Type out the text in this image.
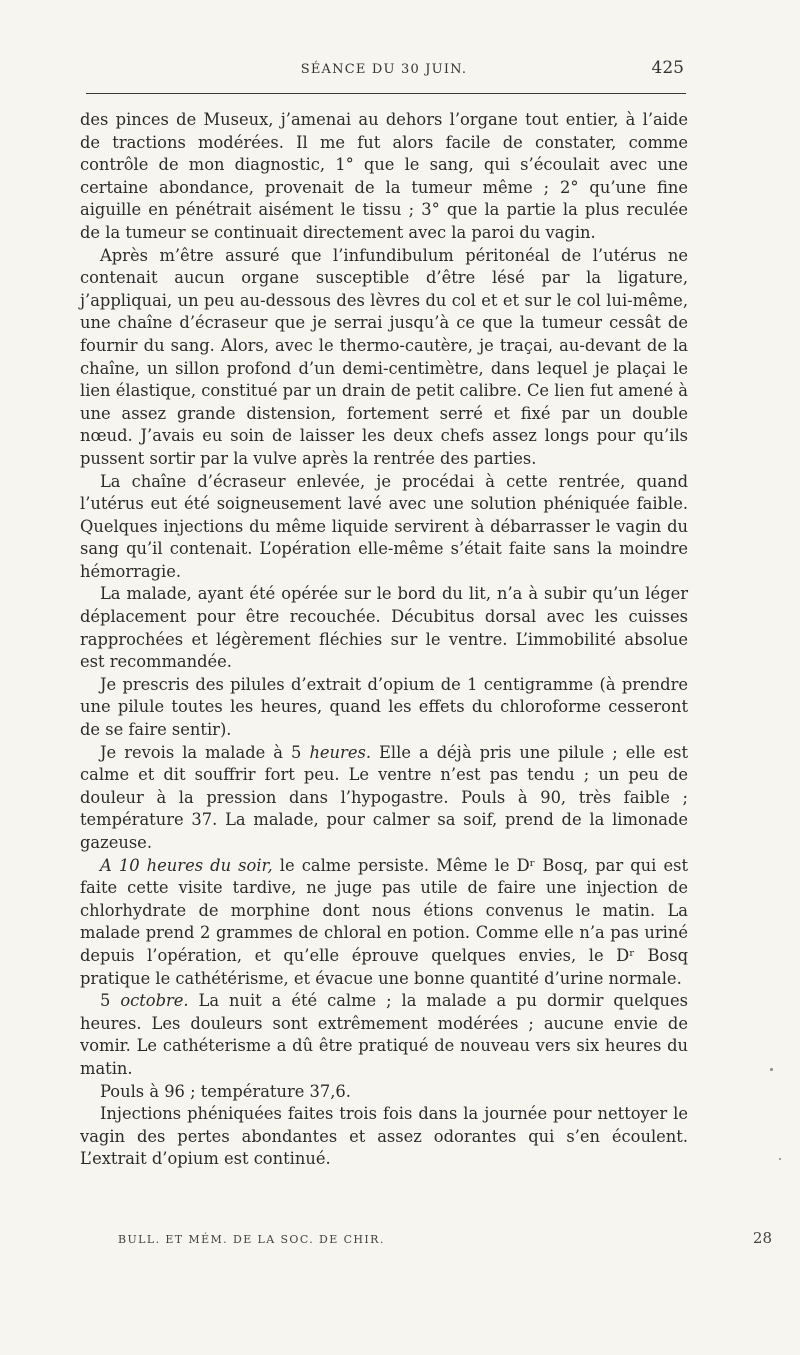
SÉANCE DU 30 JUIN.	425

des pinces de Museux, j’amenai au dehors l’organe tout entier, à l’aide de tractions modérées. Il me fut alors facile de constater, comme contrôle de mon diagnostic, 1° que le sang, qui s’écoulait avec une certaine abondance, provenait de la tumeur même ; 2° qu’une fine aiguille en pénétrait aisément le tissu ; 3° que la partie la plus reculée de la tumeur se continuait directement avec la paroi du vagin.

Après m’être assuré que l’infundibulum péritonéal de l’utérus ne contenait aucun organe susceptible d’être lésé par la ligature, j’appliquai, un peu au-dessous des lèvres du col et et sur le col lui-même, une chaîne d’écraseur que je serrai jusqu’à ce que la tumeur cessât de fournir du sang. Alors, avec le thermo-cautère, je traçai, au-devant de la chaîne, un sillon profond d’un demi-centimètre, dans lequel je plaçai le lien élastique, constitué par un drain de petit calibre. Ce lien fut amené à une assez grande distension, fortement serré et fixé par un double nœud. J’avais eu soin de laisser les deux chefs assez longs pour qu’ils pussent sortir par la vulve après la rentrée des parties.

La chaîne d’écraseur enlevée, je procédai à cette rentrée, quand l’utérus eut été soigneusement lavé avec une solution phéniquée faible. Quelques injections du même liquide servirent à débarrasser le vagin du sang qu’il contenait. L’opération elle-même s’était faite sans la moindre hémorragie.

La malade, ayant été opérée sur le bord du lit, n’a à subir qu’un léger déplacement pour être recouchée. Décubitus dorsal avec les cuisses rapprochées et légèrement fléchies sur le ventre. L’immobilité absolue est recommandée.

Je prescris des pilules d’extrait d’opium de 1 centigramme (à prendre une pilule toutes les heures, quand les effets du chloroforme cesseront de se faire sentir).

Je revois la malade à 5 heures. Elle a déjà pris une pilule ; elle est calme et dit souffrir fort peu. Le ventre n’est pas tendu ; un peu de douleur à la pression dans l’hypogastre. Pouls à 90, très faible ; température 37. La malade, pour calmer sa soif, prend de la limonade gazeuse.

A 10 heures du soir, le calme persiste. Même le Dʳ Bosq, par qui est faite cette visite tardive, ne juge pas utile de faire une injection de chlorhydrate de morphine dont nous étions convenus le matin. La malade prend 2 grammes de chloral en potion. Comme elle n’a pas uriné depuis l’opération, et qu’elle éprouve quelques envies, le Dʳ Bosq pratique le cathétérisme, et évacue une bonne quantité d’urine normale.

5 octobre. La nuit a été calme ; la malade a pu dormir quelques heures. Les douleurs sont extrêmement modérées ; aucune envie de vomir. Le cathéterisme a dû être pratiqué de nouveau vers six heures du matin.

Pouls à 96 ; température 37,6.

Injections phéniquées faites trois fois dans la journée pour nettoyer le vagin des pertes abondantes et assez odorantes qui s’en écoulent. L’extrait d’opium est continué.

BULL. ET MÉM. DE LA SOC. DE CHIR.	28
